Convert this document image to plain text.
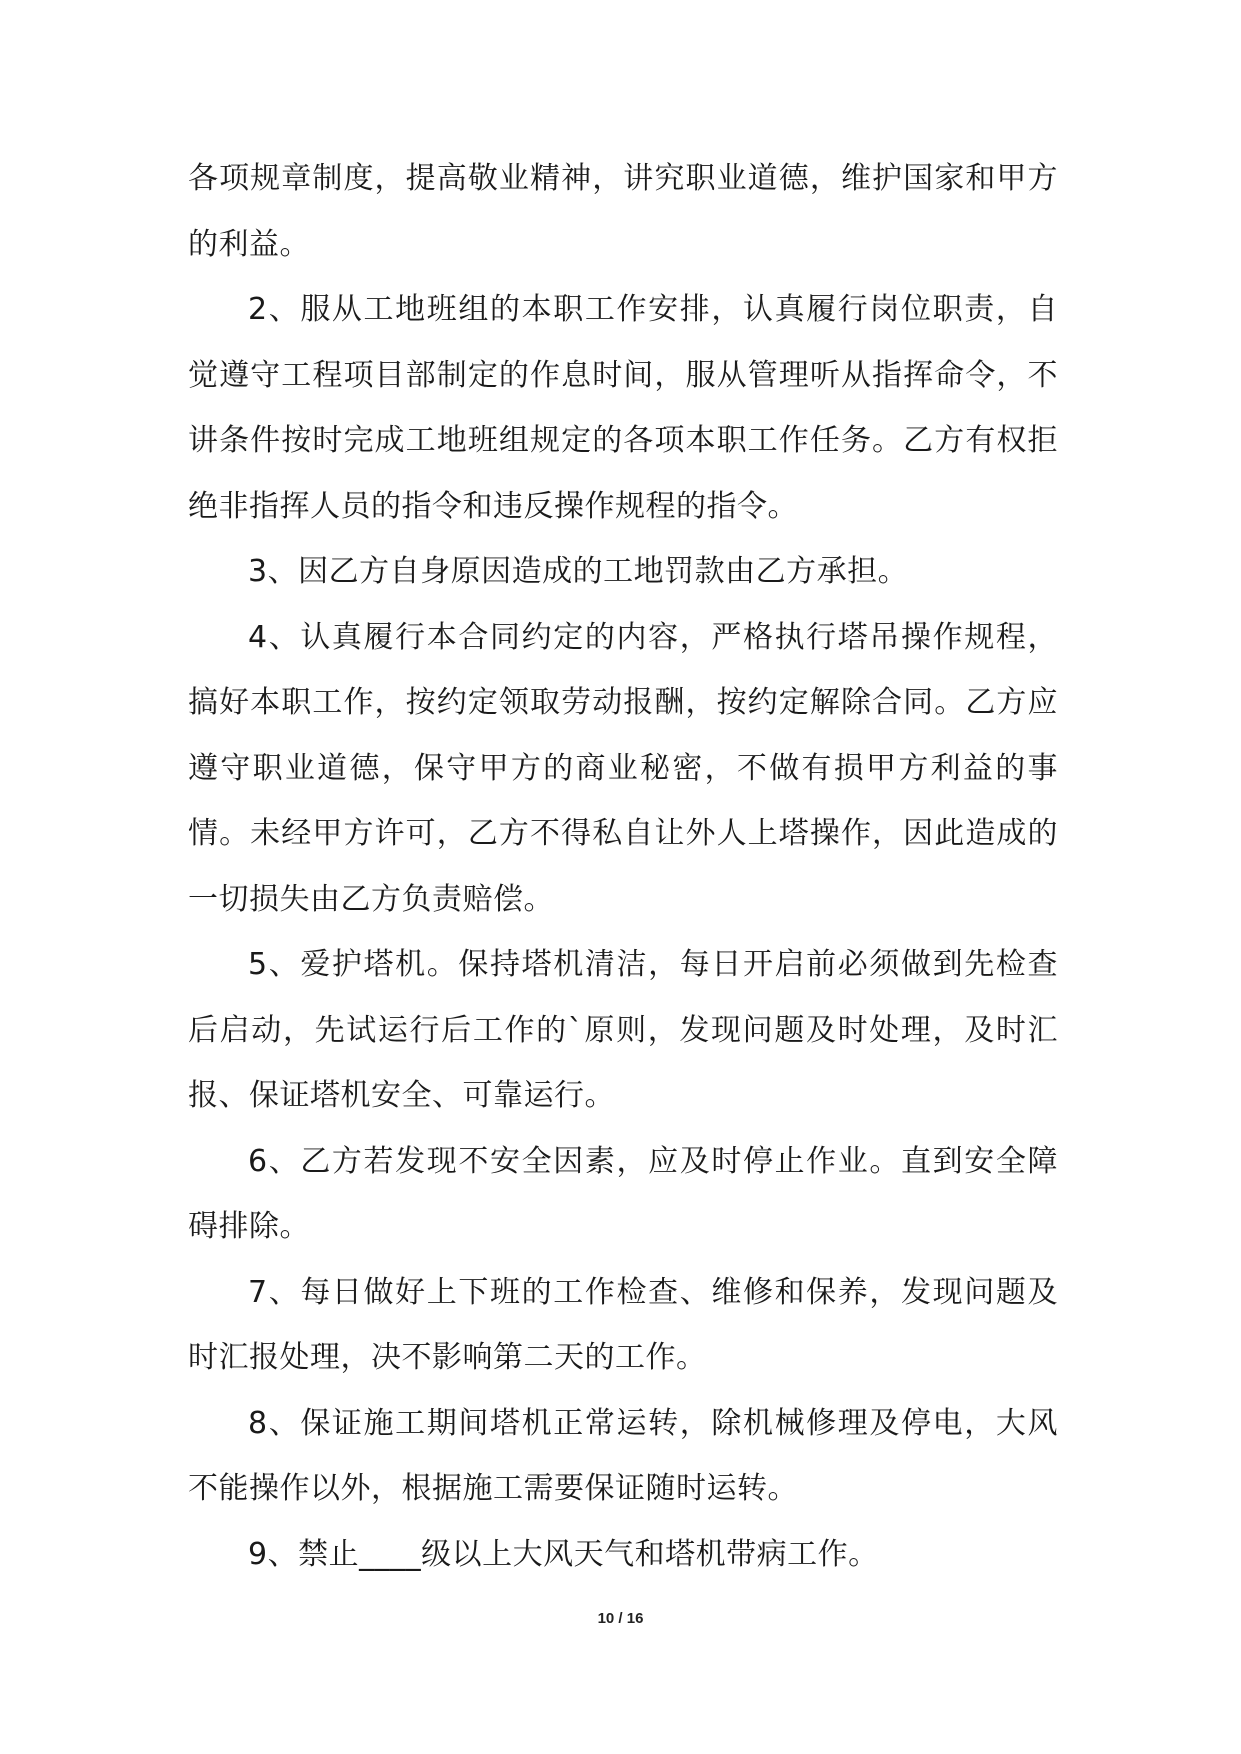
各项规章制度，提高敬业精神，讲究职业道德，维护国家和甲方的利益。

2、服从工地班组的本职工作安排，认真履行岗位职责，自觉遵守工程项目部制定的作息时间，服从管理听从指挥命令，不讲条件按时完成工地班组规定的各项本职工作任务。乙方有权拒绝非指挥人员的指令和违反操作规程的指令。

3、因乙方自身原因造成的工地罚款由乙方承担。

4、认真履行本合同约定的内容，严格执行塔吊操作规程，搞好本职工作，按约定领取劳动报酬，按约定解除合同。乙方应遵守职业道德，保守甲方的商业秘密，不做有损甲方利益的事情。未经甲方许可，乙方不得私自让外人上塔操作，因此造成的一切损失由乙方负责赔偿。

5、爱护塔机。保持塔机清洁，每日开启前必须做到先检查后启动，先试运行后工作的`原则，发现问题及时处理，及时汇报、保证塔机安全、可靠运行。

6、乙方若发现不安全因素，应及时停止作业。直到安全障碍排除。

7、每日做好上下班的工作检查、维修和保养，发现问题及时汇报处理，决不影响第二天的工作。

8、保证施工期间塔机正常运转，除机械修理及停电，大风不能操作以外，根据施工需要保证随时运转。

9、禁止____级以上大风天气和塔机带病工作。

10 / 16
